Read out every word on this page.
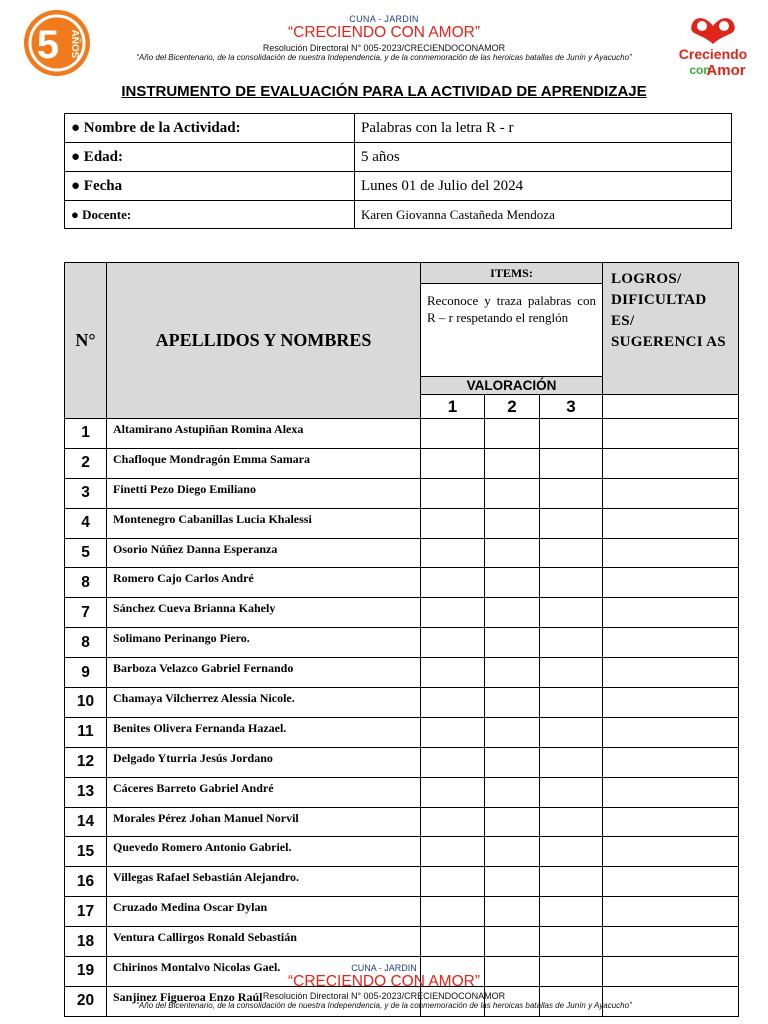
5 AÑOS	Creciendo
con
Amor
CUNA - JARDIN
“CRECIENDO CON AMOR”
Resolución Directoral N° 005-2023/CRECIENDOCONAMOR
“Año del Bicentenario, de la consolidación de nuestra Independencia, y de la conmemoración de las heroicas batallas de Junín y Ayacucho”
INSTRUMENTO DE EVALUACIÓN PARA LA ACTIVIDAD DE APRENDIZAJE
● Nombre de la Actividad:	Palabras con la letra R - r
● Edad:	5 años
● Fecha	Lunes 01 de Julio del 2024
● Docente:	Karen Giovanna Castañeda Mendoza
N°	APELLIDOS Y NOMBRES	ITEMS:			LOGROS/ DIFICULTAD ES/ SUGERENCI AS
		Reconoce y traza palabras con R – r respetando el renglón			
		VALORACIÓN			
		1	2	3	
1	Altamirano Astupiñan Romina Alexa				
2	Chafloque Mondragón Emma Samara				
3	Finetti Pezo Diego Emiliano				
4	Montenegro Cabanillas Lucia Khalessi				
5	Osorio Núñez Danna Esperanza				
8	Romero Cajo Carlos André				
7	Sánchez Cueva Brianna Kahely				
8	Solimano Perinango Piero.				
9	Barboza Velazco Gabriel Fernando				
10	Chamaya Vilcherrez Alessia Nicole.				
11	Benites Olivera Fernanda Hazael.				
12	Delgado Yturria Jesús Jordano				
13	Cáceres Barreto Gabriel André				
14	Morales Pérez Johan Manuel Norvil				
15	Quevedo Romero Antonio Gabriel.				
16	Villegas Rafael Sebastián Alejandro.				
17	Cruzado Medina Oscar Dylan				
18	Ventura Callirgos Ronald Sebastián				
19	Chirinos Montalvo Nicolas Gael.				
20	Sanjinez Figueroa Enzo Raúl				
CUNA - JARDIN
“CRECIENDO CON AMOR”
Resolución Directoral N° 005-2023/CRECIENDOCONAMOR
“Año del Bicentenario, de la consolidación de nuestra Independencia, y de la conmemoración de las heroicas batallas de Junín y Ayacucho”
